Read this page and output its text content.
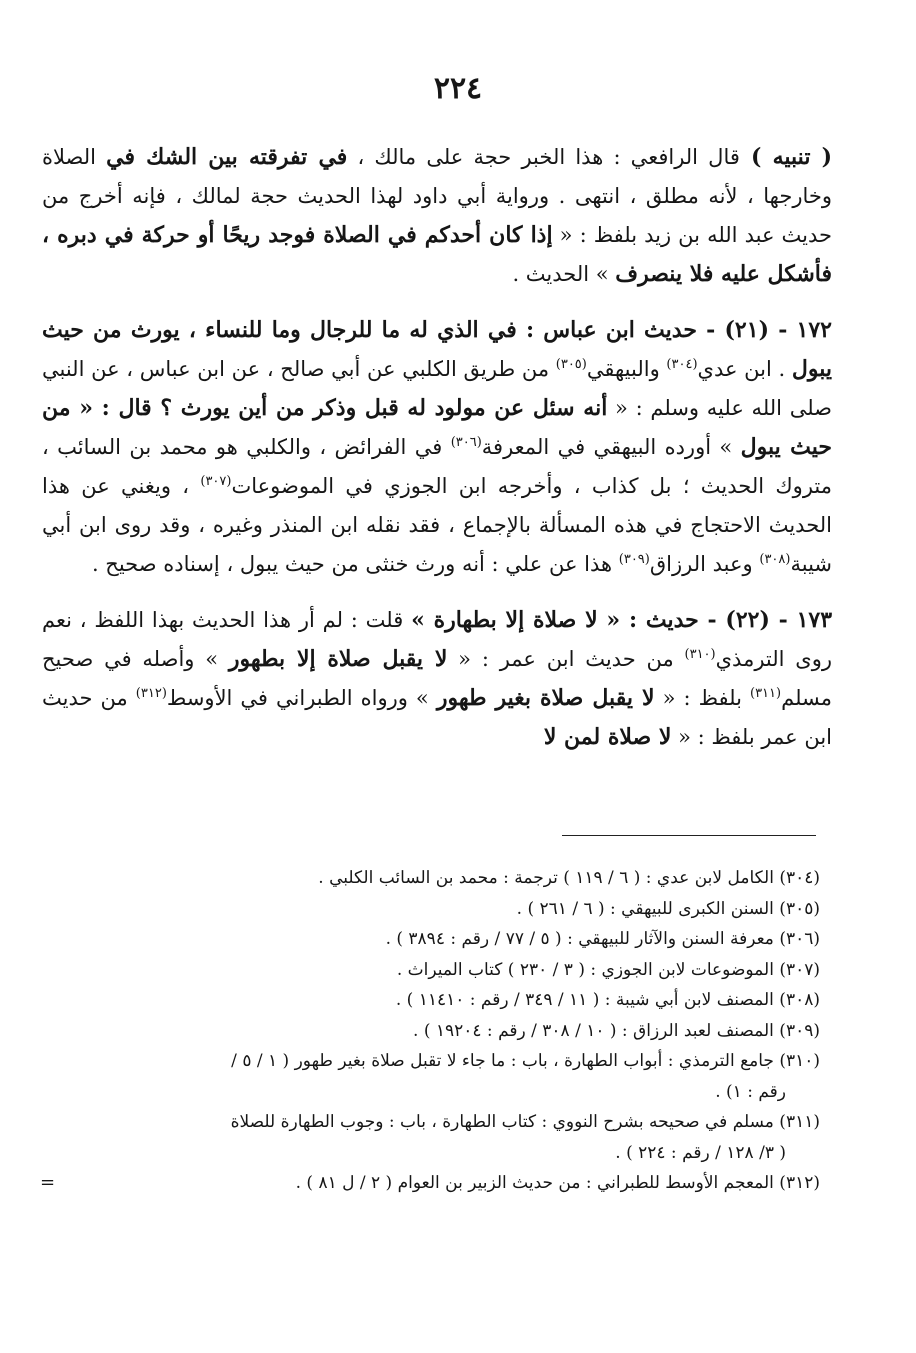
٢٢٤

( تنبيه ) قال الرافعي : هذا الخبر حجة على مالك ، في تفرقته بين الشك في الصلاة وخارجها ، لأنه مطلق ، انتهى . ورواية أبي داود لهذا الحديث حجة لمالك ، فإنه أخرج من حديث عبد الله بن زيد بلفظ : « إذا كان أحدكم في الصلاة فوجد ريحًا أو حركة في دبره ، فأشكل عليه فلا ينصرف » الحديث .

١٧٢ - (٢١) - حديث ابن عباس : في الذي له ما للرجال وما للنساء ، يورث من حيث يبول . ابن عدي$^{(٣٠٤)}$ والبيهقي$^{(٣٠٥)}$ من طريق الكلبي عن أبي صالح ، عن ابن عباس ، عن النبي صلى الله عليه وسلم : « أنه سئل عن مولود له قبل وذكر من أين يورث ؟ قال : « من حيث يبول » أورده البيهقي في المعرفة$^{(٣٠٦)}$ في الفرائض ، والكلبي هو محمد بن السائب ، متروك الحديث ؛ بل كذاب ، وأخرجه ابن الجوزي في الموضوعات$^{(٣٠٧)}$ ، ويغني عن هذا الحديث الاحتجاج في هذه المسألة بالإجماع ، فقد نقله ابن المنذر وغيره ، وقد روى ابن أبي شيبة$^{(٣٠٨)}$ وعبد الرزاق$^{(٣٠٩)}$ هذا عن علي : أنه ورث خنثى من حيث يبول ، إسناده صحيح .

١٧٣ - (٢٢) - حديث : « لا صلاة إلا بطهارة » قلت : لم أر هذا الحديث بهذا اللفظ ، نعم روى الترمذي$^{(٣١٠)}$ من حديث ابن عمر : « لا يقبل صلاة إلا بطهور » وأصله في صحيح مسلم$^{(٣١١)}$ بلفظ : « لا يقبل صلاة بغير طهور » ورواه الطبراني في الأوسط$^{(٣١٢)}$ من حديث ابن عمر بلفظ : « لا صلاة لمن لا

(٣٠٤) الكامل لابن عدي : ( ٦ / ١١٩ ) ترجمة : محمد بن السائب الكلبي .

(٣٠٥) السنن الكبرى للبيهقي : ( ٦ / ٢٦١ ) .

(٣٠٦) معرفة السنن والآثار للبيهقي : ( ٥ / ٧٧ / رقم : ٣٨٩٤ ) .

(٣٠٧) الموضوعات لابن الجوزي : ( ٣ / ٢٣٠ ) كتاب الميراث .

(٣٠٨) المصنف لابن أبي شيبة : ( ١١ / ٣٤٩ / رقم : ١١٤١٠ ) .

(٣٠٩) المصنف لعبد الرزاق : ( ١٠ / ٣٠٨ / رقم : ١٩٢٠٤ ) .

(٣١٠) جامع الترمذي : أبواب الطهارة ، باب : ما جاء لا تقبل صلاة بغير طهور ( ١ / ٥ /

رقم : ١) .

(٣١١) مسلم في صحيحه بشرح النووي : كتاب الطهارة ، باب : وجوب الطهارة للصلاة

( ٣/ ١٢٨ / رقم : ٢٢٤ ) .

(٣١٢) المعجم الأوسط للطبراني : من حديث الزبير بن العوام ( ٢ / ل ٨١ ) .
=
